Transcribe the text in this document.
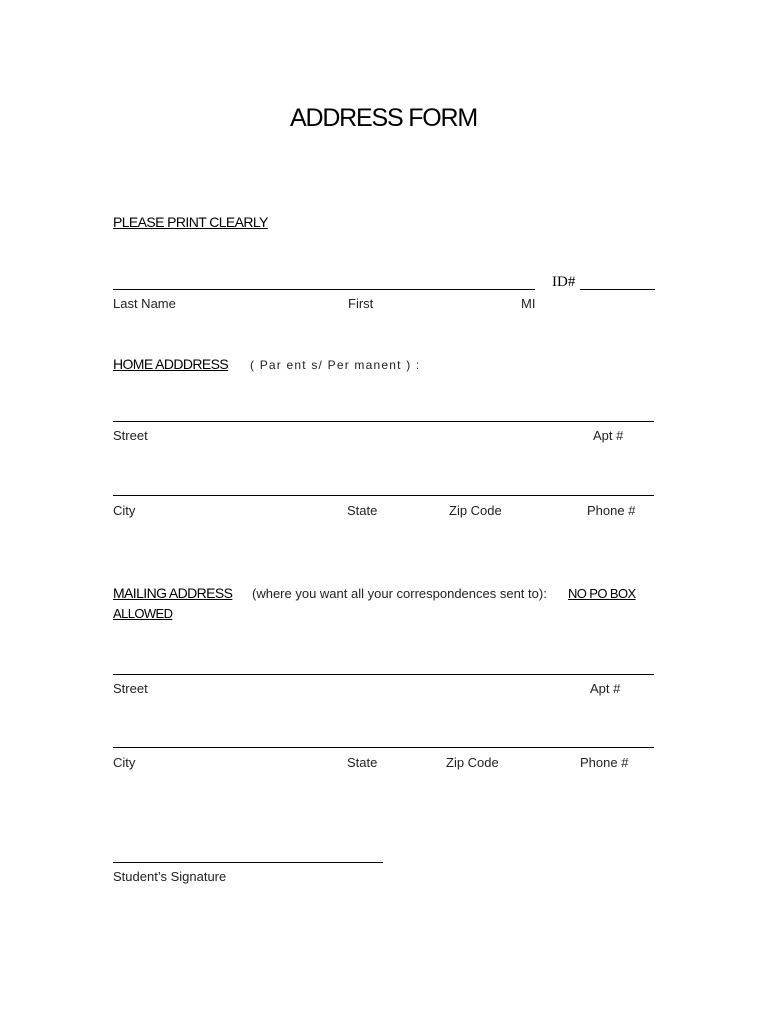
ADDRESS FORM
PLEASE PRINT CLEARLY
ID#
Last Name	First	MI
HOME ADDDRESS ( Par ent s/ Per manent ) :
Street	Apt #
City	State	Zip Code	Phone #
MAILING ADDRESS (where you want all your correspondences sent to): NO PO BOX
ALLOWED
Street	Apt #
City	State	Zip Code	Phone #
Student’s Signature
